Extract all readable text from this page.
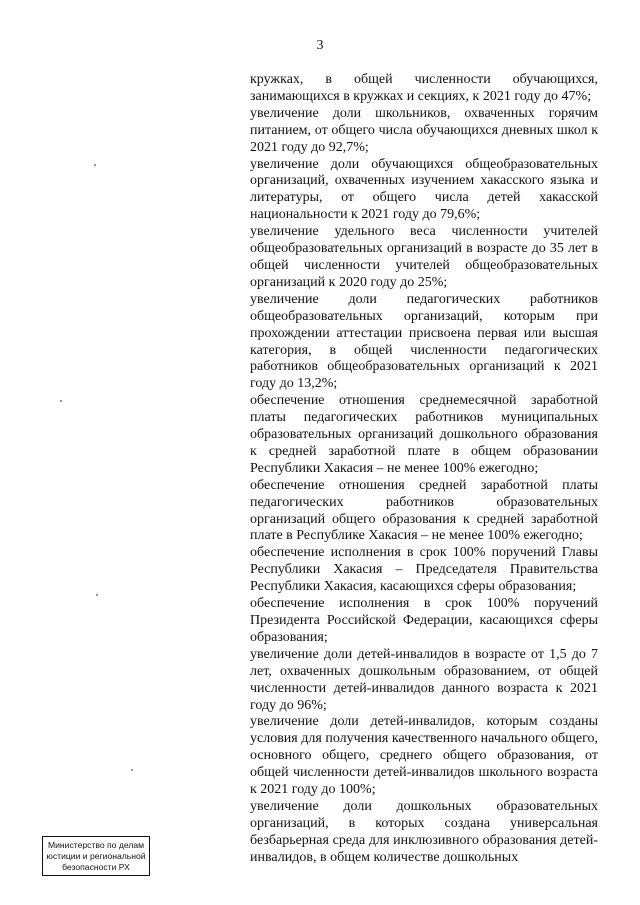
3

кружках, в общей численности обучающихся, занимающихся в кружках и секциях, к 2021 году до 47%;

увеличение доли школьников, охваченных горячим питанием, от общего числа обучающихся дневных школ к 2021 году до 92,7%;

увеличение доли обучающихся общеобразовательных организаций, охваченных изучением хакасского языка и литературы, от общего числа детей хакасской национальности к 2021 году до 79,6%;

увеличение удельного веса численности учителей общеобразовательных организаций в возрасте до 35 лет в общей численности учителей общеобразовательных организаций к 2020 году до 25%;

увеличение доли педагогических работников общеобразовательных организаций, которым при прохождении аттестации присвоена первая или высшая категория, в общей численности педагогических работников общеобразовательных организаций к 2021 году до 13,2%;

обеспечение отношения среднемесячной заработной платы педагогических работников муниципальных образовательных организаций дошкольного образования к средней заработной плате в общем образовании Республики Хакасия – не менее 100% ежегодно;

обеспечение отношения средней заработной платы педагогических работников образовательных организаций общего образования к средней заработной плате в Республике Хакасия – не менее 100% ежегодно;

обеспечение исполнения в срок 100% поручений Главы Республики Хакасия – Председателя Правительства Республики Хакасия, касающихся сферы образования;

обеспечение исполнения в срок 100% поручений Президента Российской Федерации, касающихся сферы образования;

увеличение доли детей-инвалидов в возрасте от 1,5 до 7 лет, охваченных дошкольным образованием, от общей численности детей-инвалидов данного возраста к 2021 году до 96%;

увеличение доли детей-инвалидов, которым созданы условия для получения качественного начального общего, основного общего, среднего общего образования, от общей численности детей-инвалидов школьного возраста к 2021 году до 100%;

увеличение доли дошкольных образовательных организаций, в которых создана универсальная безбарьерная среда для инклюзивного образования детей-инвалидов, в общем количестве дошкольных

Министерство по делам
юстиции и региональной
безопасности РХ
